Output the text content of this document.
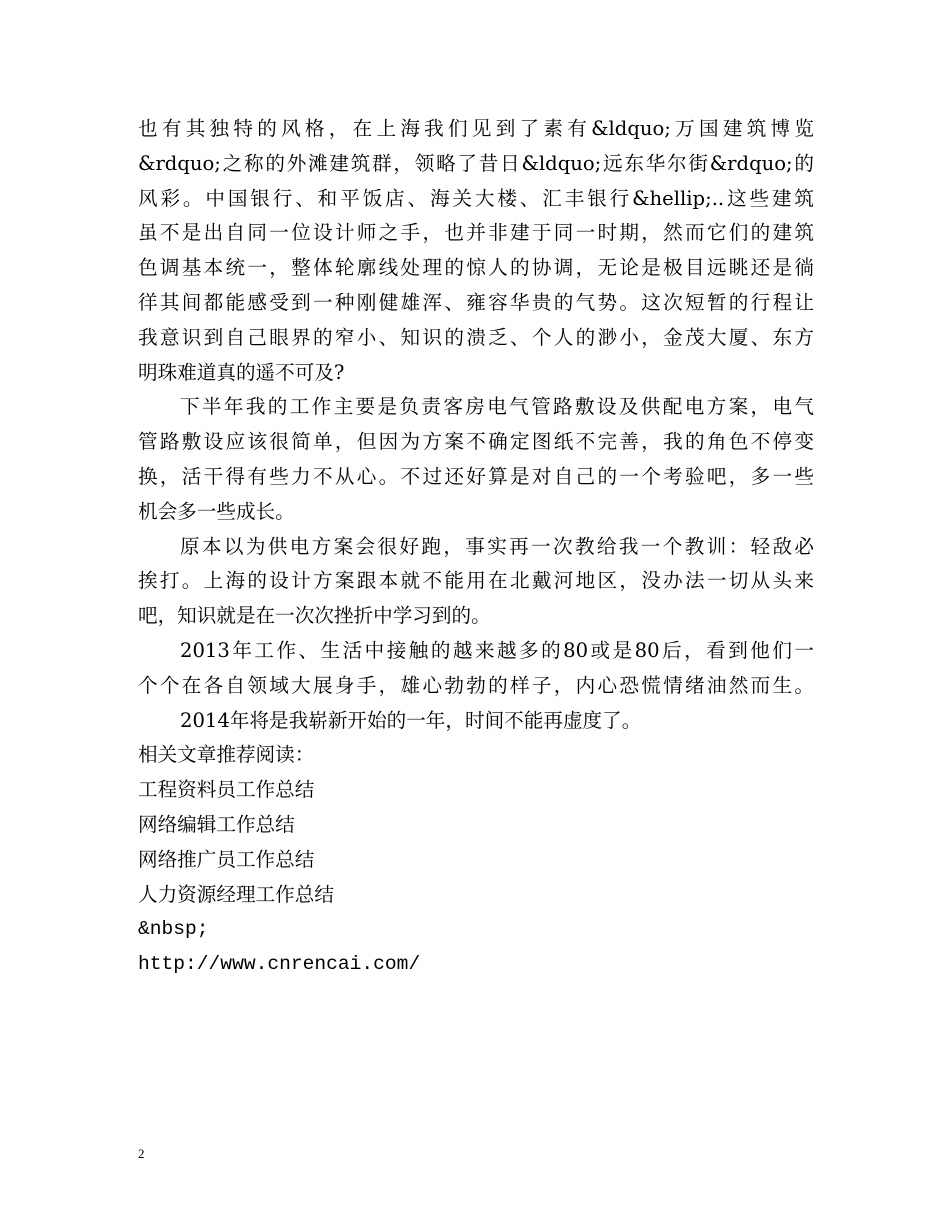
也有其独特的风格，在上海我们见到了素有&ldquo;万国建筑博览
&rdquo;之称的外滩建筑群，领略了昔日&ldquo;远东华尔街&rdquo;的
风彩。中国银行、和平饭店、海关大楼、汇丰银行&hellip;..这些建筑
虽不是出自同一位设计师之手，也并非建于同一时期，然而它们的建筑
色调基本统一，整体轮廓线处理的惊人的协调，无论是极目远眺还是徜
徉其间都能感受到一种刚健雄浑、雍容华贵的气势。这次短暂的行程让
我意识到自己眼界的窄小、知识的溃乏、个人的渺小，金茂大厦、东方
明珠难道真的遥不可及?
下半年我的工作主要是负责客房电气管路敷设及供配电方案，电气
管路敷设应该很简单，但因为方案不确定图纸不完善，我的角色不停变
换，活干得有些力不从心。不过还好算是对自己的一个考验吧，多一些
机会多一些成长。
原本以为供电方案会很好跑，事实再一次教给我一个教训：轻敌必
挨打。上海的设计方案跟本就不能用在北戴河地区，没办法一切从头来
吧，知识就是在一次次挫折中学习到的。
2013年工作、生活中接触的越来越多的80或是80后，看到他们一
个个在各自领域大展身手，雄心勃勃的样子，内心恐慌情绪油然而生。
2014年将是我崭新开始的一年，时间不能再虚度了。
相关文章推荐阅读：
工程资料员工作总结
网络编辑工作总结
网络推广员工作总结
人力资源经理工作总结
&nbsp;
http://www.cnrencai.com/
2
